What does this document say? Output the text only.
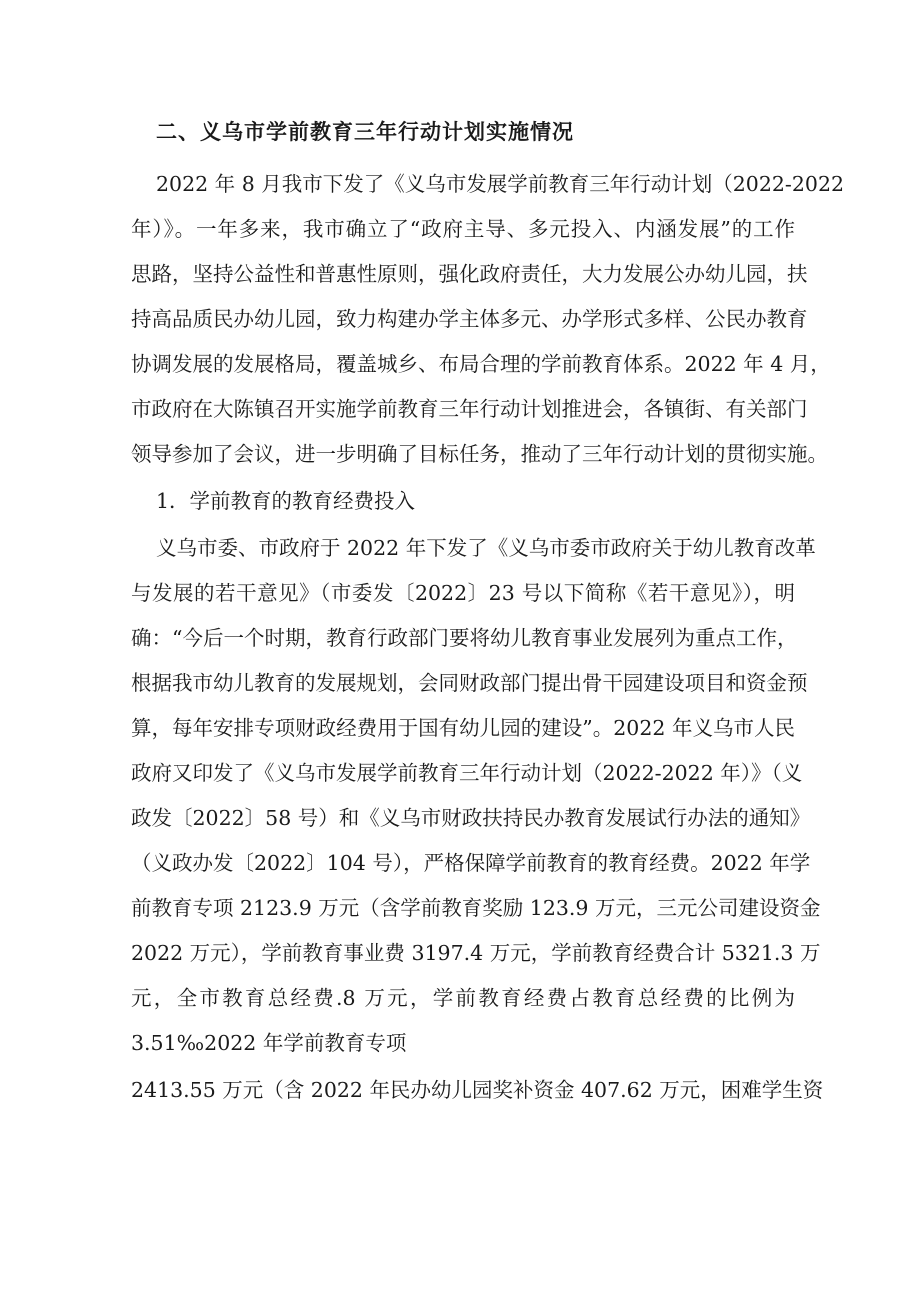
二、义乌市学前教育三年行动计划实施情况
2022 年 8 月我市下发了《义乌市发展学前教育三年行动计划（2022-2022
年）》。一年多来，我市确立了“政府主导、多元投入、内涵发展”的工作
思路，坚持公益性和普惠性原则，强化政府责任，大力发展公办幼儿园，扶
持高品质民办幼儿园，致力构建办学主体多元、办学形式多样、公民办教育
协调发展的发展格局，覆盖城乡、布局合理的学前教育体系。2022 年 4 月，
市政府在大陈镇召开实施学前教育三年行动计划推进会，各镇街、有关部门
领导参加了会议，进一步明确了目标任务，推动了三年行动计划的贯彻实施。
1．学前教育的教育经费投入
义乌市委、市政府于 2022 年下发了《义乌市委市政府关于幼儿教育改革
与发展的若干意见》（市委发〔2022〕23 号以下简称《若干意见》），明
确：“今后一个时期，教育行政部门要将幼儿教育事业发展列为重点工作，
根据我市幼儿教育的发展规划，会同财政部门提出骨干园建设项目和资金预
算，每年安排专项财政经费用于国有幼儿园的建设”。2022 年义乌市人民
政府又印发了《义乌市发展学前教育三年行动计划（2022-2022 年）》（义
政发〔2022〕58 号）和《义乌市财政扶持民办教育发展试行办法的通知》
（义政办发〔2022〕104 号），严格保障学前教育的教育经费。2022 年学
前教育专项 2123.9 万元（含学前教育奖励 123.9 万元，三元公司建设资金
2022 万元），学前教育事业费 3197.4 万元，学前教育经费合计 5321.3 万
元，全市教育总经费.8 万元，学前教育经费占教育总经费的比例为
3.51‰2022 年学前教育专项
2413.55 万元（含 2022 年民办幼儿园奖补资金 407.62 万元，困难学生资
